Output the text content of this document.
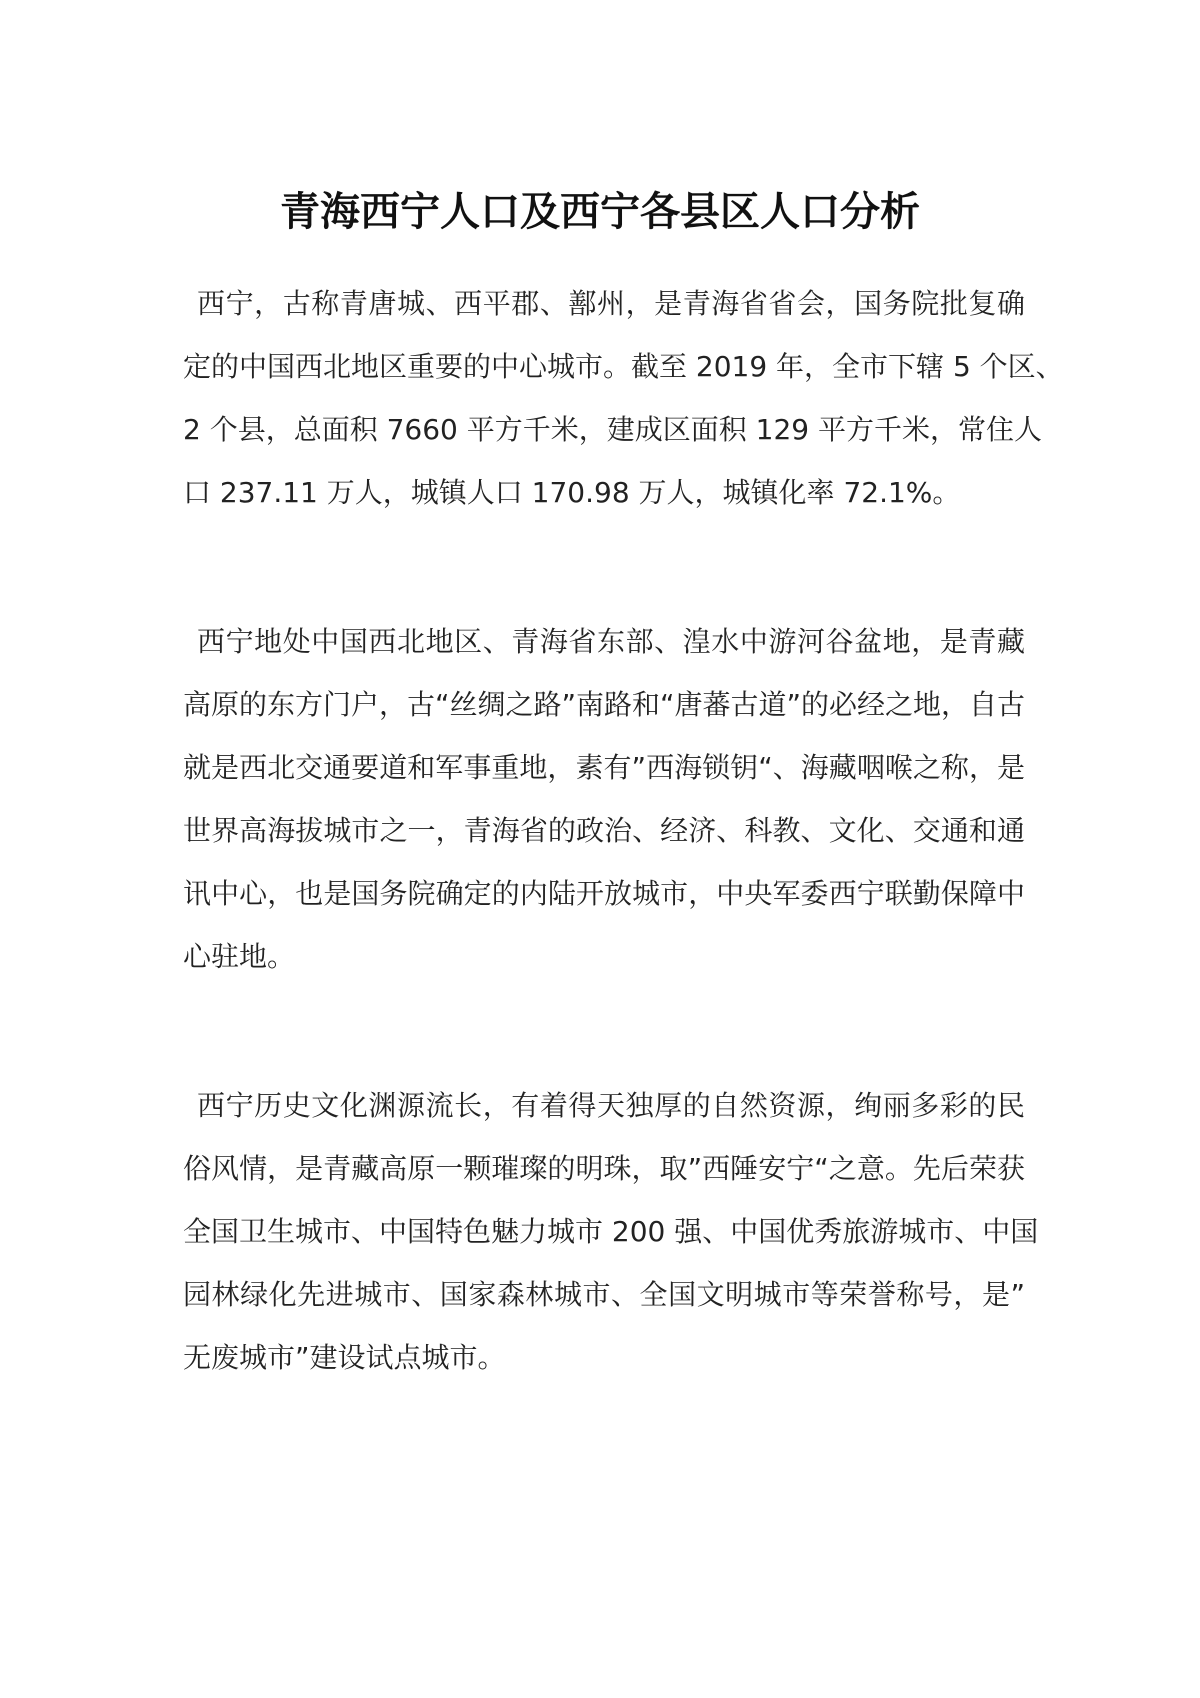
青海西宁人口及西宁各县区人口分析

西宁，古称青唐城、西平郡、鄯州，是青海省省会，国务院批复确
定的中国西北地区重要的中心城市。截至 2019 年，全市下辖 5 个区、
2 个县，总面积 7660 平方千米，建成区面积 129 平方千米，常住人
口 237.11 万人，城镇人口 170.98 万人，城镇化率 72.1%。

西宁地处中国西北地区、青海省东部、湟水中游河谷盆地，是青藏
高原的东方门户，古“丝绸之路”南路和“唐蕃古道”的必经之地，自古
就是西北交通要道和军事重地，素有”西海锁钥“、海藏咽喉之称，是
世界高海拔城市之一，青海省的政治、经济、科教、文化、交通和通
讯中心，也是国务院确定的内陆开放城市，中央军委西宁联勤保障中
心驻地。

西宁历史文化渊源流长，有着得天独厚的自然资源，绚丽多彩的民
俗风情，是青藏高原一颗璀璨的明珠，取”西陲安宁“之意。先后荣获
全国卫生城市、中国特色魅力城市 200 强、中国优秀旅游城市、中国
园林绿化先进城市、国家森林城市、全国文明城市等荣誉称号，是”
无废城市”建设试点城市。
